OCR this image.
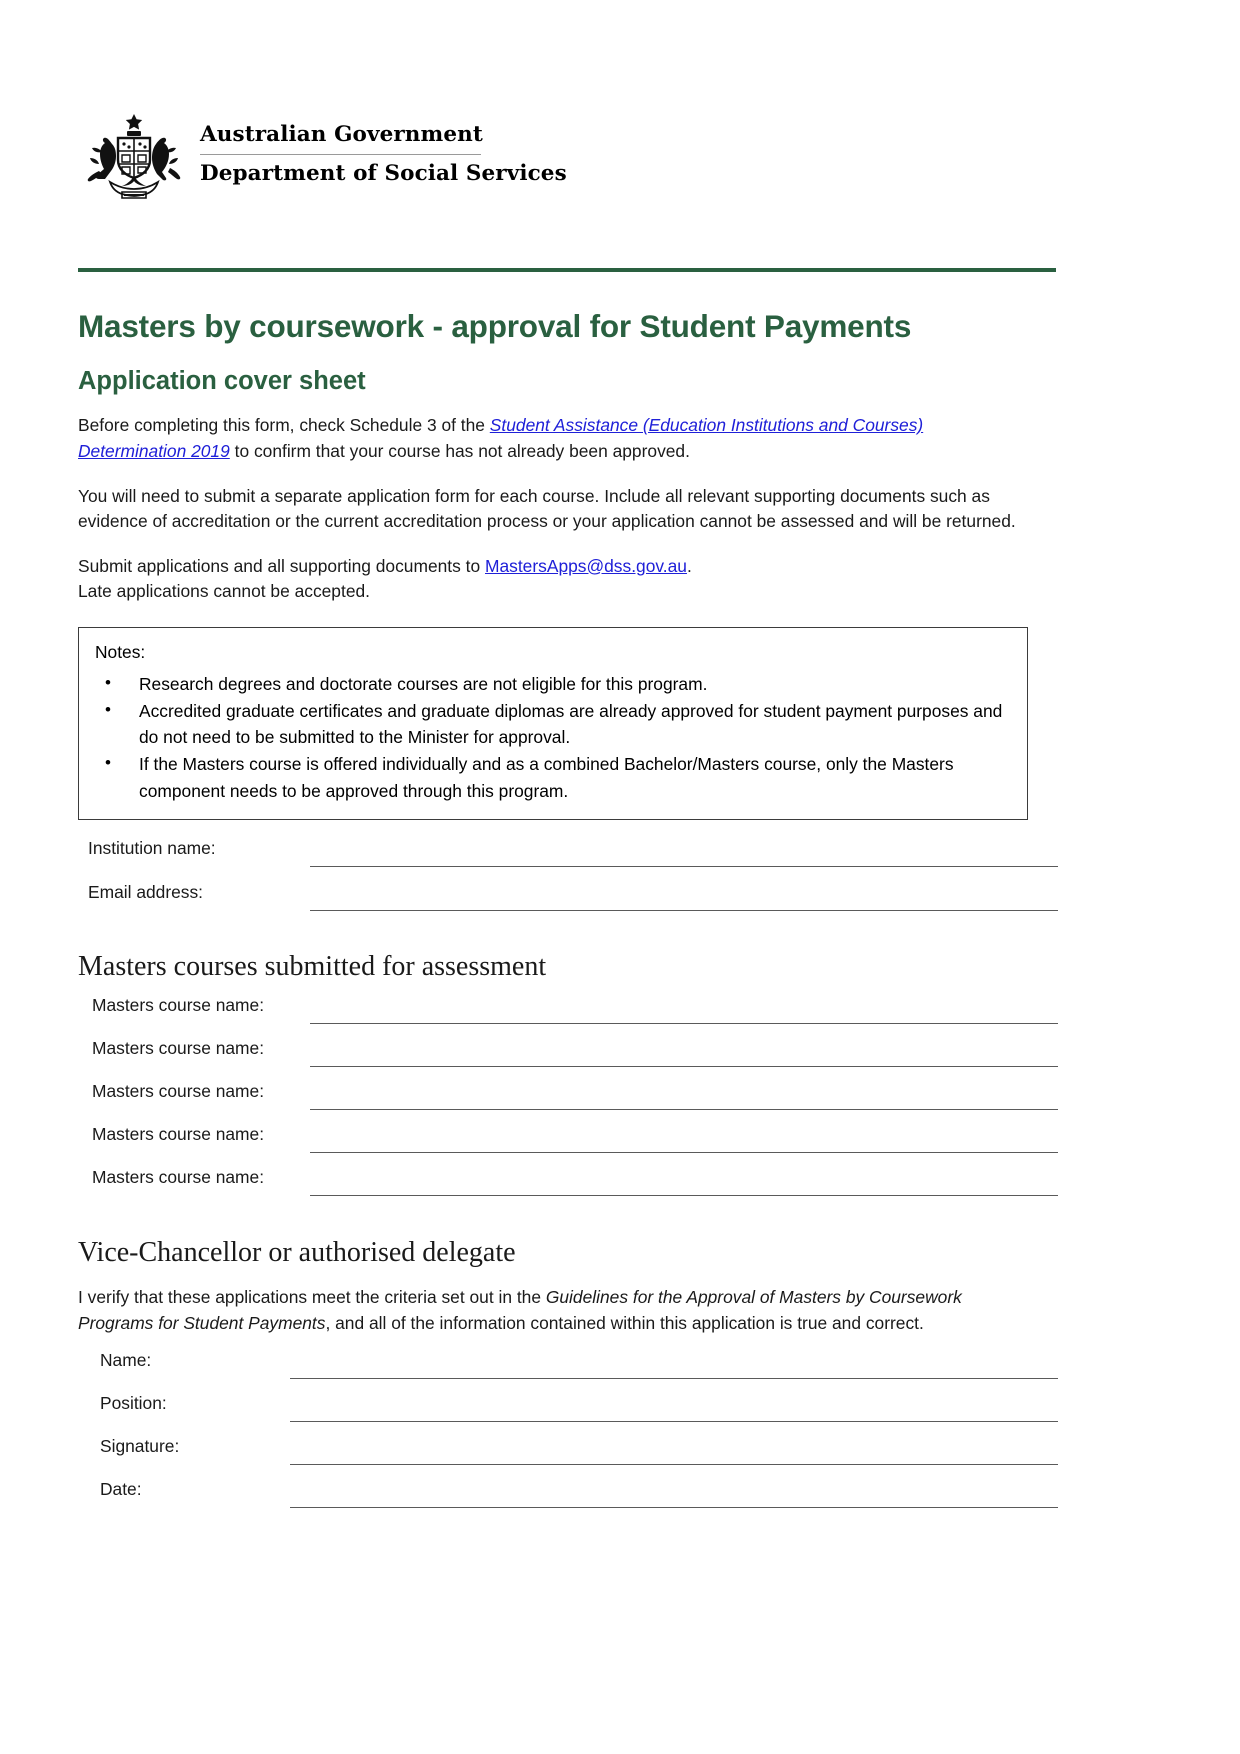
Australian Government
Department of Social Services
Masters by coursework - approval for Student Payments
Application cover sheet

Before completing this form, check Schedule 3 of the Student Assistance (Education Institutions and Courses) Determination 2019 to confirm that your course has not already been approved.

You will need to submit a separate application form for each course. Include all relevant supporting documents such as evidence of accreditation or the current accreditation process or your application cannot be assessed and will be returned.

Submit applications and all supporting documents to MastersApps@dss.gov.au.
Late applications cannot be accepted.

Notes:
• Research degrees and doctorate courses are not eligible for this program.
• Accredited graduate certificates and graduate diplomas are already approved for student payment purposes and do not need to be submitted to the Minister for approval.
• If the Masters course is offered individually and as a combined Bachelor/Masters course, only the Masters component needs to be approved through this program.
Institution name:
Email address:
Masters courses submitted for assessment
Masters course name:
Masters course name:
Masters course name:
Masters course name:
Masters course name:
Vice-Chancellor or authorised delegate

I verify that these applications meet the criteria set out in the Guidelines for the Approval of Masters by Coursework Programs for Student Payments, and all of the information contained within this application is true and correct.

Name:
Position:
Signature:
Date:
